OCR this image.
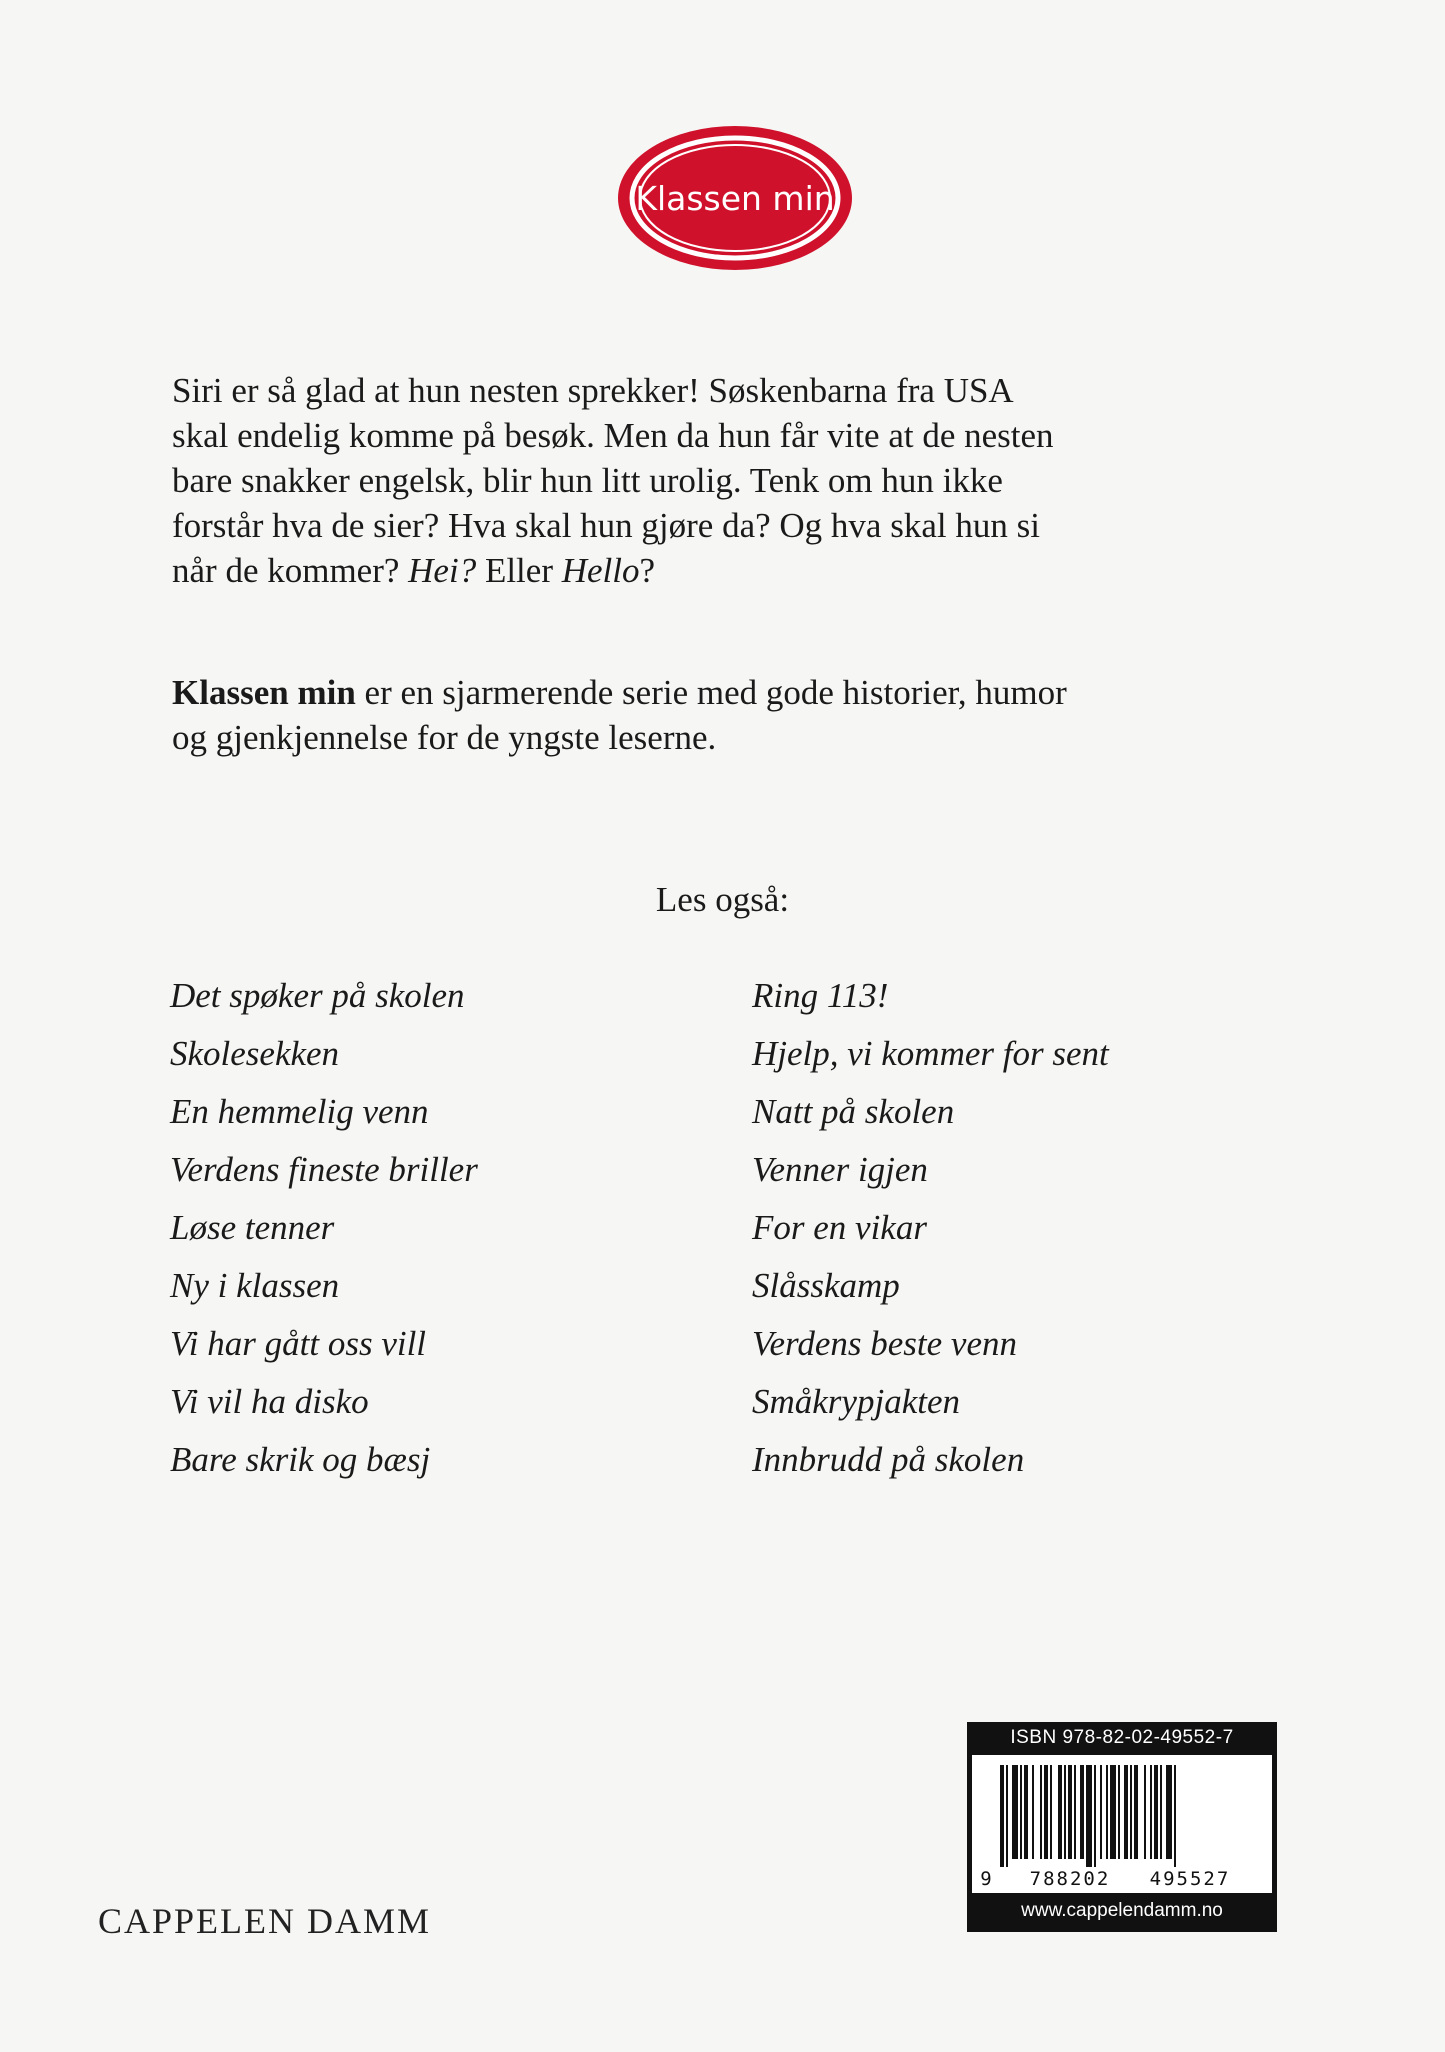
Klassen min
Siri er så glad at hun nesten sprekker! Søskenbarna fra USA
skal endelig komme på besøk. Men da hun får vite at de nesten
bare snakker engelsk, blir hun litt urolig. Tenk om hun ikke
forstår hva de sier? Hva skal hun gjøre da? Og hva skal hun si
når de kommer? Hei? Eller Hello?
Klassen min er en sjarmerende serie med gode historier, humor
og gjenkjennelse for de yngste leserne.
Les også:
Det spøker på skolen
Skolesekken
En hemmelig venn
Verdens fineste briller
Løse tenner
Ny i klassen
Vi har gått oss vill
Vi vil ha disko
Bare skrik og bæsj
Ring 113!
Hjelp, vi kommer for sent
Natt på skolen
Venner igjen
For en vikar
Slåsskamp
Verdens beste venn
Småkrypjakten
Innbrudd på skolen
ISBN 978-82-02-49552-7
9 788202 495527
www.cappelendamm.no
CAPPELEN DAMM
